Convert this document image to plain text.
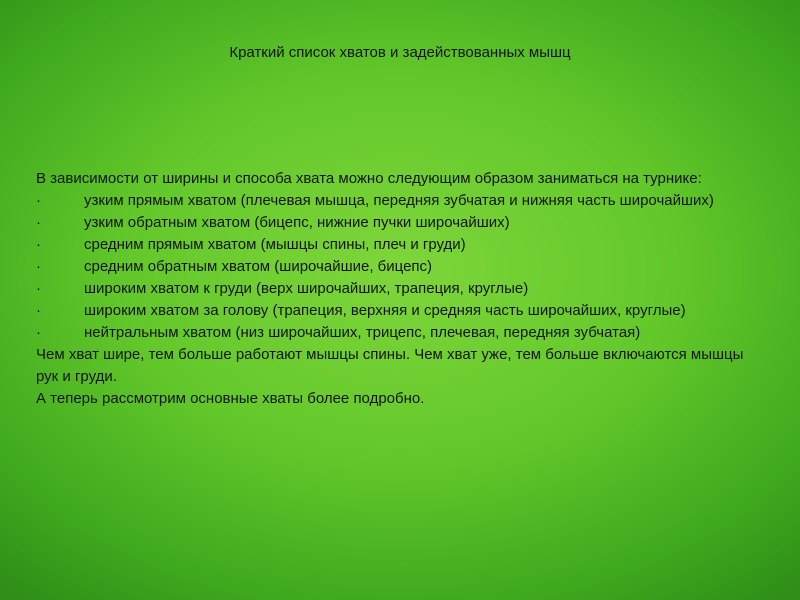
Краткий список хватов и задействованных мышц

В зависимости от ширины и способа хвата можно следующим образом заниматься на турнике:

·	узким прямым хватом (плечевая мышца, передняя зубчатая и нижняя часть широчайших)

·	узким обратным хватом (бицепс, нижние пучки широчайших)

·	средним прямым хватом (мышцы спины, плеч и груди)

·	средним обратным хватом (широчайшие, бицепс)

·	широким хватом к груди (верх широчайших, трапеция, круглые)

·	широким хватом за голову (трапеция, верхняя и средняя часть широчайших, круглые)

·	нейтральным хватом (низ широчайших, трицепс, плечевая, передняя зубчатая)

Чем хват шире, тем больше работают мышцы спины. Чем хват уже, тем больше включаются мышцы рук и груди.

А теперь рассмотрим основные хваты более подробно.
